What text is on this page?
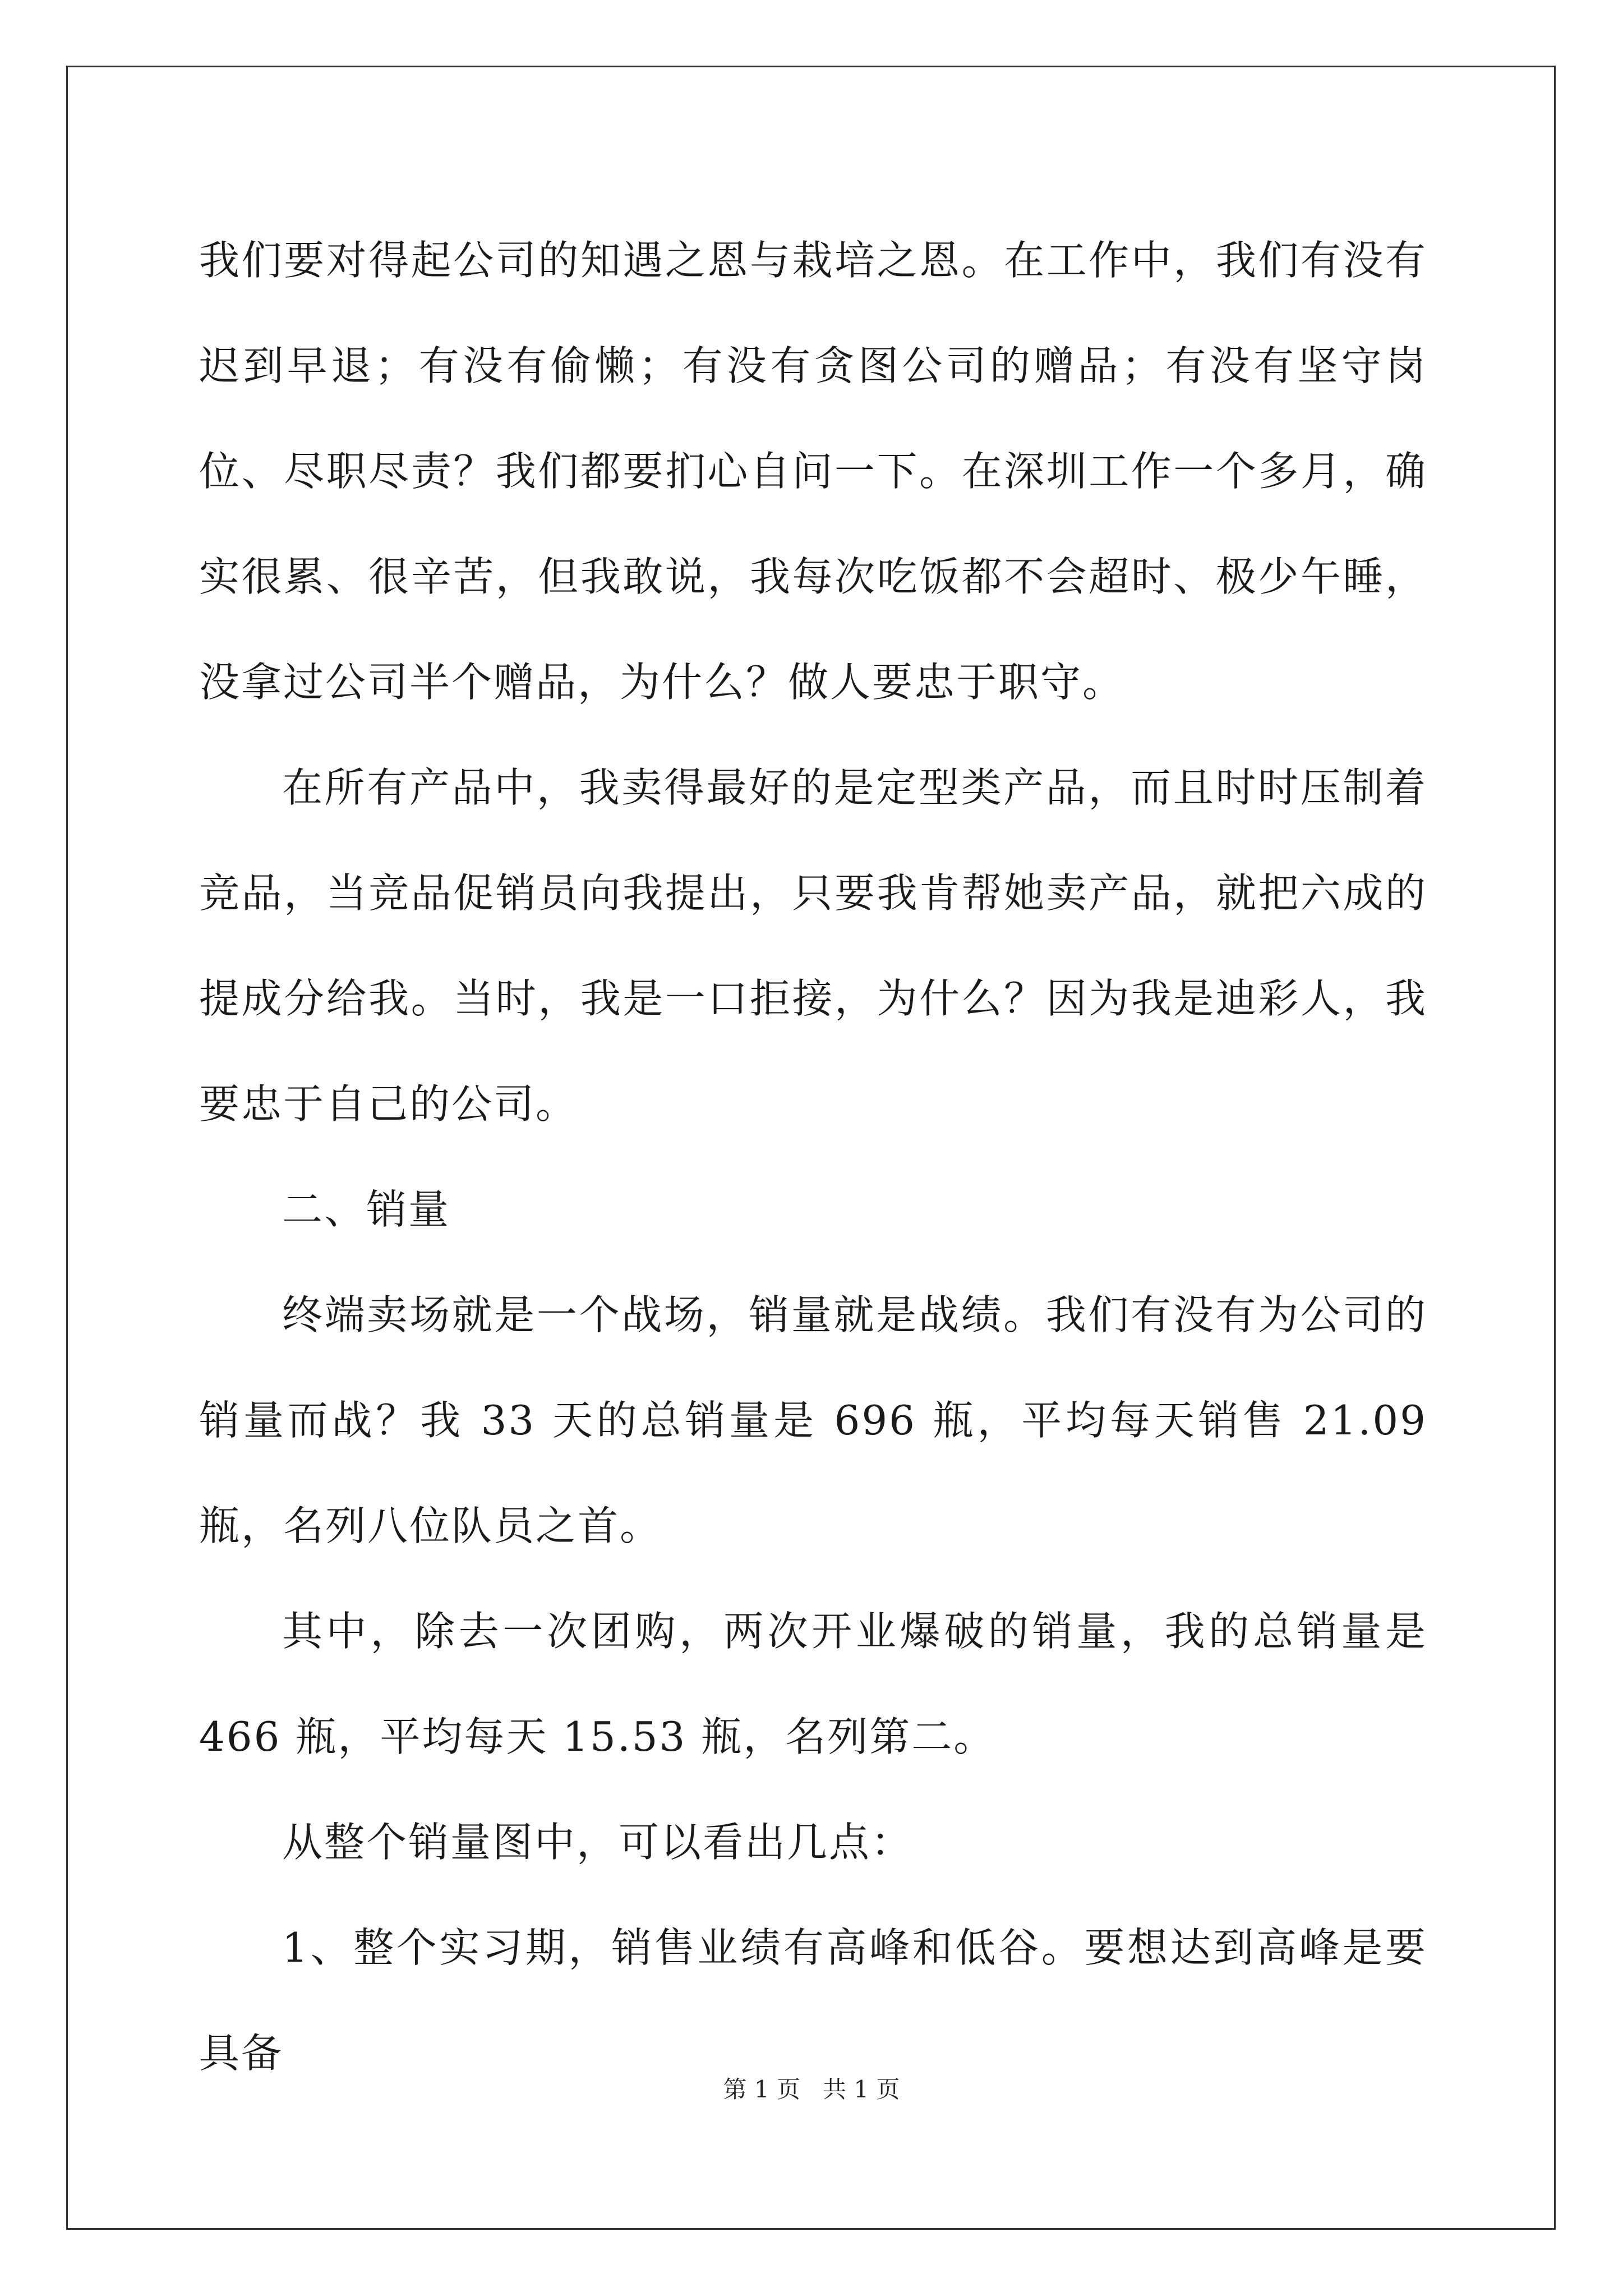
我们要对得起公司的知遇之恩与栽培之恩。在工作中，我们有没有迟到早退；有没有偷懒；有没有贪图公司的赠品；有没有坚守岗位、尽职尽责？我们都要扪心自问一下。在深圳工作一个多月，确实很累、很辛苦，但我敢说，我每次吃饭都不会超时、极少午睡，没拿过公司半个赠品，为什么？做人要忠于职守。

在所有产品中，我卖得最好的是定型类产品，而且时时压制着竞品，当竞品促销员向我提出，只要我肯帮她卖产品，就把六成的提成分给我。当时，我是一口拒接，为什么？因为我是迪彩人，我要忠于自己的公司。

二、销量

终端卖场就是一个战场，销量就是战绩。我们有没有为公司的销量而战？我 33 天的总销量是 696 瓶，平均每天销售 21.09 瓶，名列八位队员之首。

其中，除去一次团购，两次开业爆破的销量，我的总销量是 466 瓶，平均每天 15.53 瓶，名列第二。

从整个销量图中，可以看出几点：

1、整个实习期，销售业绩有高峰和低谷。要想达到高峰是要具备

第 1 页   共 1 页
